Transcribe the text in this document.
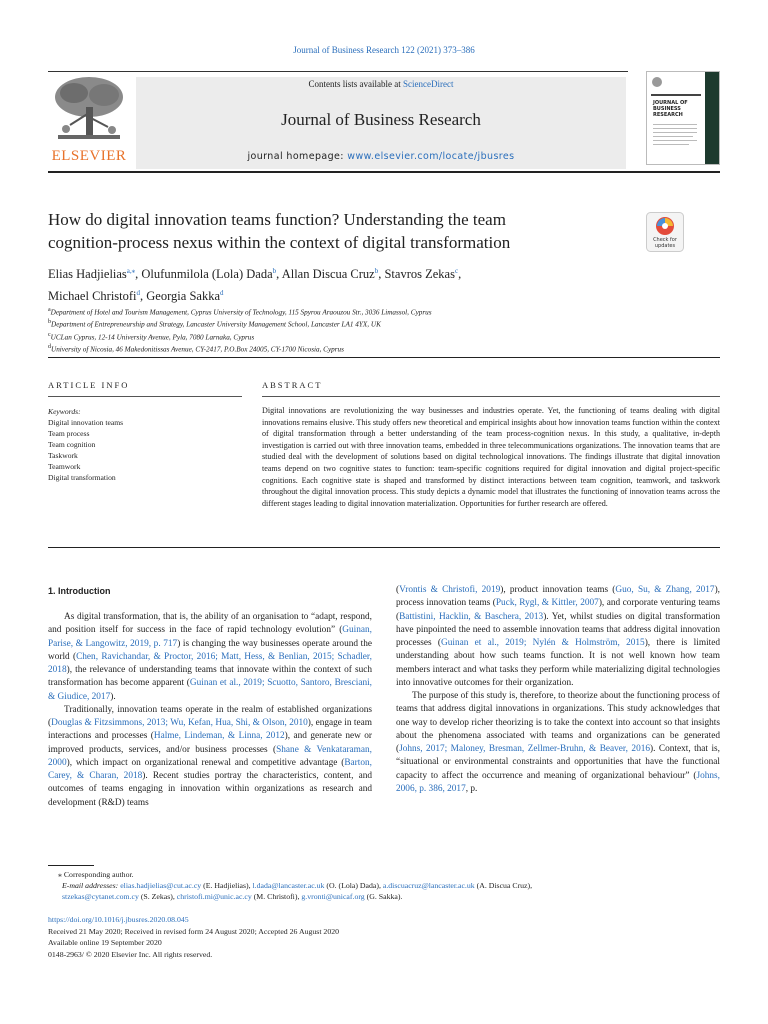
Journal of Business Research 122 (2021) 373–386
Contents lists available at ScienceDirect
Journal of Business Research
journal homepage: www.elsevier.com/locate/jbusres
ELSEVIER
JOURNAL OF
BUSINESS
RESEARCH
How do digital innovation teams function? Understanding the team
cognition-process nexus within the context of digital transformation	Check for
updates
Elias Hadjielias$^{a,⁎}$, Olufunmilola (Lola) Dada$^b$, Allan Discua Cruz$^b$, Stavros Zekas$^c$,
Michael Christofi$^d$, Georgia Sakka$^d$
$^a$Department of Hotel and Tourism Management, Cyprus University of Technology, 115 Spyrou Araouzou Str., 3036 Limassol, Cyprus
$^b$Department of Entrepreneurship and Strategy, Lancaster University Management School, Lancaster LA1 4YX, UK
$^c$UCLan Cyprus, 12-14 University Avenue, Pyla, 7080 Larnaka, Cyprus
$^d$University of Nicosia, 46 Makedonitissas Avenue, CY-2417, P.O.Box 24005, CY-1700 Nicosia, Cyprus
ARTICLE INFO
Keywords:
Digital innovation teams
Team process
Team cognition
Taskwork
Teamwork
Digital transformation
ABSTRACT
Digital innovations are revolutionizing the way businesses and industries operate. Yet, the functioning of teams dealing with digital innovations remains elusive. This study offers new theoretical and empirical insights about how innovation teams function within the context of digital transformation through a better understanding of the team process-cognition nexus. In this study, a qualitative, in-depth investigation is carried out with three innovation teams, embedded in three telecommunications organizations. The innovation teams that are studied deal with the development of solutions based on digital technological innovations. The findings illustrate that digital innovation teams depend on two cognitive states to function: team-specific cognitions required for digital innovation and digital project-specific cognitions. Each cognitive state is shaped and transformed by distinct interactions between team cognition, teamwork, and taskwork throughout the digital innovation process. This study depicts a dynamic model that illustrates the functioning of innovation teams across the different stages leading to digital innovation materialization. Opportunities for further research are offered.
1. Introduction

As digital transformation, that is, the ability of an organisation to “adapt, respond, and position itself for success in the face of rapid technology evolution” (Guinan, Parise, & Langowitz, 2019, p. 717) is changing the way businesses operate around the world (Chen, Ravichandar, & Proctor, 2016; Matt, Hess, & Benlian, 2015; Schadler, 2018), the relevance of understanding teams that innovate within the context of such transformation has become apparent (Guinan et al., 2019; Scuotto, Santoro, Bresciani, & Giudice, 2017).

Traditionally, innovation teams operate in the realm of established organizations (Douglas & Fitzsimmons, 2013; Wu, Kefan, Hua, Shi, & Olson, 2010), engage in team interactions and processes (Halme, Lindeman, & Linna, 2012), and generate new or improved products, services, and/or business processes (Shane & Venkataraman, 2000), which impact on organizational renewal and competitive advantage (Barton, Carey, & Charan, 2018). Recent studies portray the characteristics, content, and outcomes of teams engaging in innovation within organizations as research and development (R&D) teams

(Vrontis & Christofi, 2019), product innovation teams (Guo, Su, & Zhang, 2017), process innovation teams (Puck, Rygl, & Kittler, 2007), and corporate venturing teams (Battistini, Hacklin, & Baschera, 2013). Yet, whilst studies on digital transformation have pinpointed the need to assemble innovation teams that address digital innovation processes (Guinan et al., 2019; Nylén & Holmström, 2015), there is limited understanding about how such teams function. It is not well known how team members interact and what tasks they perform while materializing digital technologies into innovative outcomes for their organization.

The purpose of this study is, therefore, to theorize about the functioning process of teams that address digital innovations in organizations. This study acknowledges that one way to develop richer theorizing is to take the context into account so that insights about the phenomena associated with teams and organizations can be generated (Johns, 2017; Maloney, Bresman, Zellmer-Bruhn, & Beaver, 2016). Context, that is, “situational or environmental constraints and opportunities that have the functional capacity to affect the occurrence and meaning of organizational behaviour” (Johns, 2006, p. 386, 2017, p.

⁎ Corresponding author.
E-mail addresses: elias.hadjielias@cut.ac.cy (E. Hadjielias), l.dada@lancaster.ac.uk (O. (Lola) Dada), a.discuacruz@lancaster.ac.uk (A. Discua Cruz),
stzekas@cytanet.com.cy (S. Zekas), christofi.mi@unic.ac.cy (M. Christofi), g.vronti@unicaf.org (G. Sakka).
https://doi.org/10.1016/j.jbusres.2020.08.045
Received 21 May 2020; Received in revised form 24 August 2020; Accepted 26 August 2020
Available online 19 September 2020
0148-2963/ © 2020 Elsevier Inc. All rights reserved.
